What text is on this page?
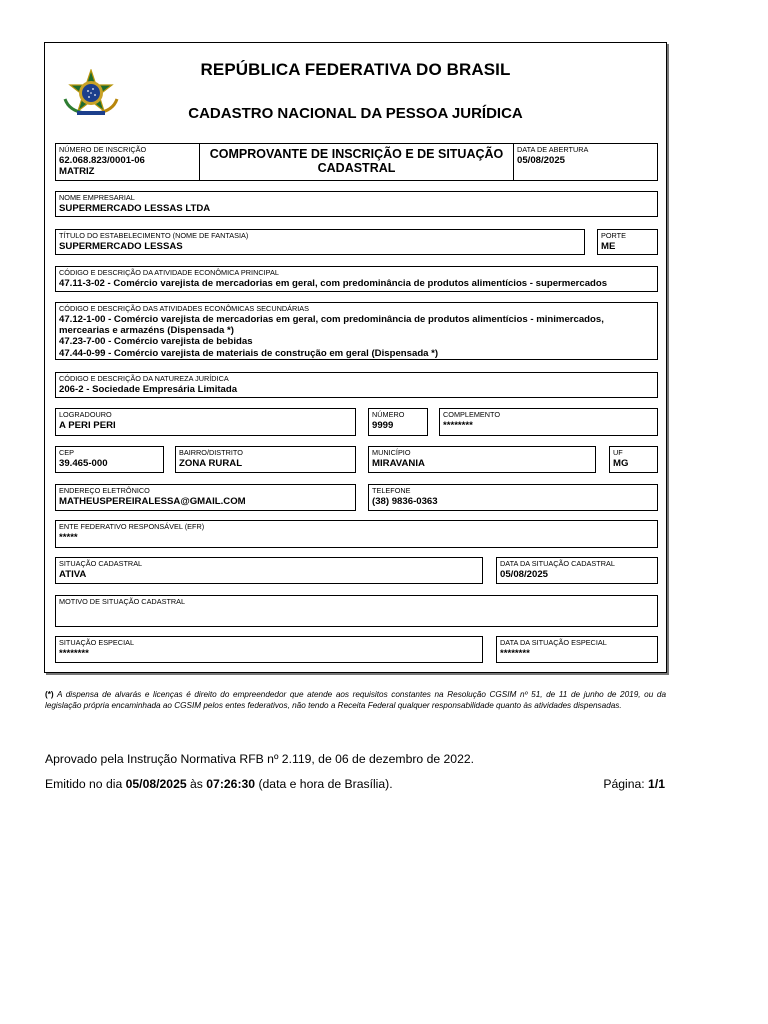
REPÚBLICA FEDERATIVA DO BRASIL
CADASTRO NACIONAL DA PESSOA JURÍDICA
NÚMERO DE INSCRIÇÃO
62.068.823/0001-06
MATRIZ
COMPROVANTE DE INSCRIÇÃO E DE SITUAÇÃO
CADASTRAL
DATA DE ABERTURA
05/08/2025
NOME EMPRESARIAL
SUPERMERCADO LESSAS LTDA
TÍTULO DO ESTABELECIMENTO (NOME DE FANTASIA)
SUPERMERCADO LESSAS
PORTE
ME
CÓDIGO E DESCRIÇÃO DA ATIVIDADE ECONÔMICA PRINCIPAL
47.11-3-02 - Comércio varejista de mercadorias em geral, com predominância de produtos alimentícios - supermercados
CÓDIGO E DESCRIÇÃO DAS ATIVIDADES ECONÔMICAS SECUNDÁRIAS
47.12-1-00 - Comércio varejista de mercadorias em geral, com predominância de produtos alimentícios - minimercados, mercearias e armazéns (Dispensada *)
47.23-7-00 - Comércio varejista de bebidas
47.44-0-99 - Comércio varejista de materiais de construção em geral (Dispensada *)
CÓDIGO E DESCRIÇÃO DA NATUREZA JURÍDICA
206-2 - Sociedade Empresária Limitada
LOGRADOURO
A PERI PERI
NÚMERO
9999
COMPLEMENTO
********
CEP
39.465-000
BAIRRO/DISTRITO
ZONA RURAL
MUNICÍPIO
MIRAVANIA
UF
MG
ENDEREÇO ELETRÔNICO
MATHEUSPEREIRALESSA@GMAIL.COM
TELEFONE
(38) 9836-0363
ENTE FEDERATIVO RESPONSÁVEL (EFR)
*****
SITUAÇÃO CADASTRAL
ATIVA
DATA DA SITUAÇÃO CADASTRAL
05/08/2025
MOTIVO DE SITUAÇÃO CADASTRAL
SITUAÇÃO ESPECIAL
********
DATA DA SITUAÇÃO ESPECIAL
********
(*) A dispensa de alvarás e licenças é direito do empreendedor que atende aos requisitos constantes na Resolução CGSIM nº 51, de 11 de junho de 2019, ou da legislação própria encaminhada ao CGSIM pelos entes federativos, não tendo a Receita Federal qualquer responsabilidade quanto às atividades dispensadas.
Aprovado pela Instrução Normativa RFB nº 2.119, de 06 de dezembro de 2022.
Emitido no dia 05/08/2025 às 07:26:30 (data e hora de Brasília).	Página: 1/1
